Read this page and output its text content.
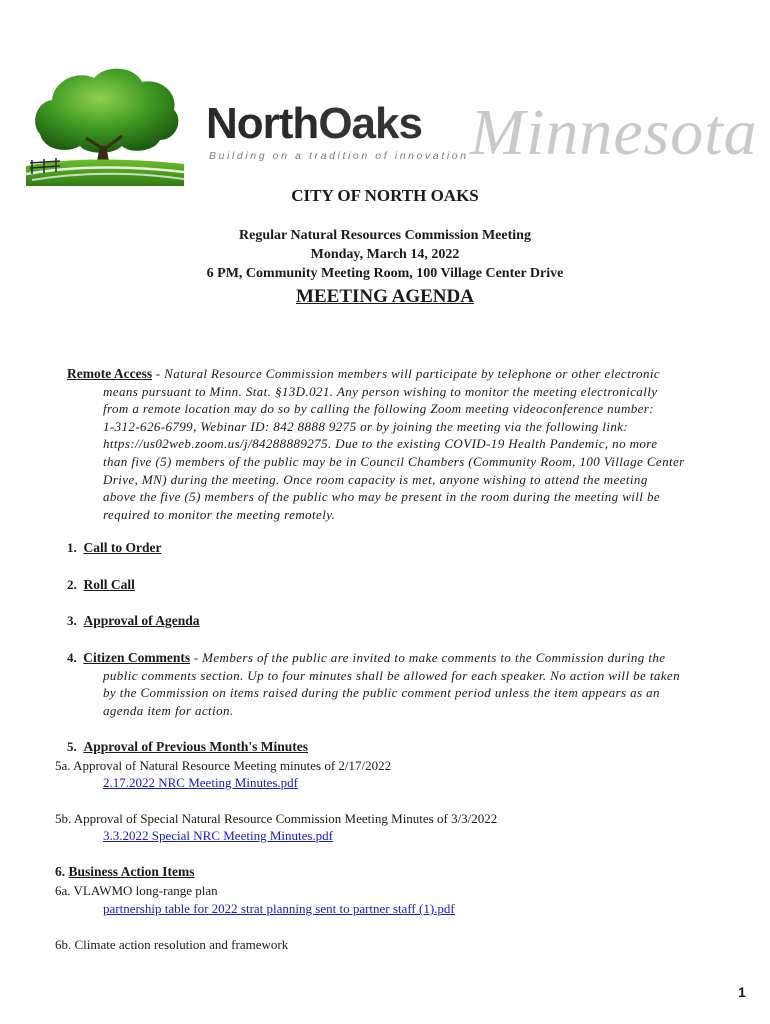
NorthOaks Minnesota
Building on a tradition of innovation
CITY OF NORTH OAKS
Regular Natural Resources Commission Meeting
Monday, March 14, 2022
6 PM, Community Meeting Room, 100 Village Center Drive
MEETING AGENDA
Remote Access - Natural Resource Commission members will participate by telephone or other electronic
means pursuant to Minn. Stat. §13D.021. Any person wishing to monitor the meeting electronically
from a remote location may do so by calling the following Zoom meeting videoconference number:
1-312-626-6799, Webinar ID: 842 8888 9275 or by joining the meeting via the following link:
https://us02web.zoom.us/j/84288889275. Due to the existing COVID-19 Health Pandemic, no more
than five (5) members of the public may be in Council Chambers (Community Room, 100 Village Center
Drive, MN) during the meeting. Once room capacity is met, anyone wishing to attend the meeting
above the five (5) members of the public who may be present in the room during the meeting will be
required to monitor the meeting remotely.
1. Call to Order
2. Roll Call
3. Approval of Agenda
4. Citizen Comments - Members of the public are invited to make comments to the Commission during the
public comments section. Up to four minutes shall be allowed for each speaker. No action will be taken
by the Commission on items raised during the public comment period unless the item appears as an
agenda item for action.
5. Approval of Previous Month's Minutes
5a. Approval of Natural Resource Meeting minutes of 2/17/2022
2.17.2022 NRC Meeting Minutes.pdf
5b. Approval of Special Natural Resource Commission Meeting Minutes of 3/3/2022
3.3.2022 Special NRC Meeting Minutes.pdf
6. Business Action Items
6a. VLAWMO long-range plan
partnership table for 2022 strat planning sent to partner staff (1).pdf
6b. Climate action resolution and framework
1
